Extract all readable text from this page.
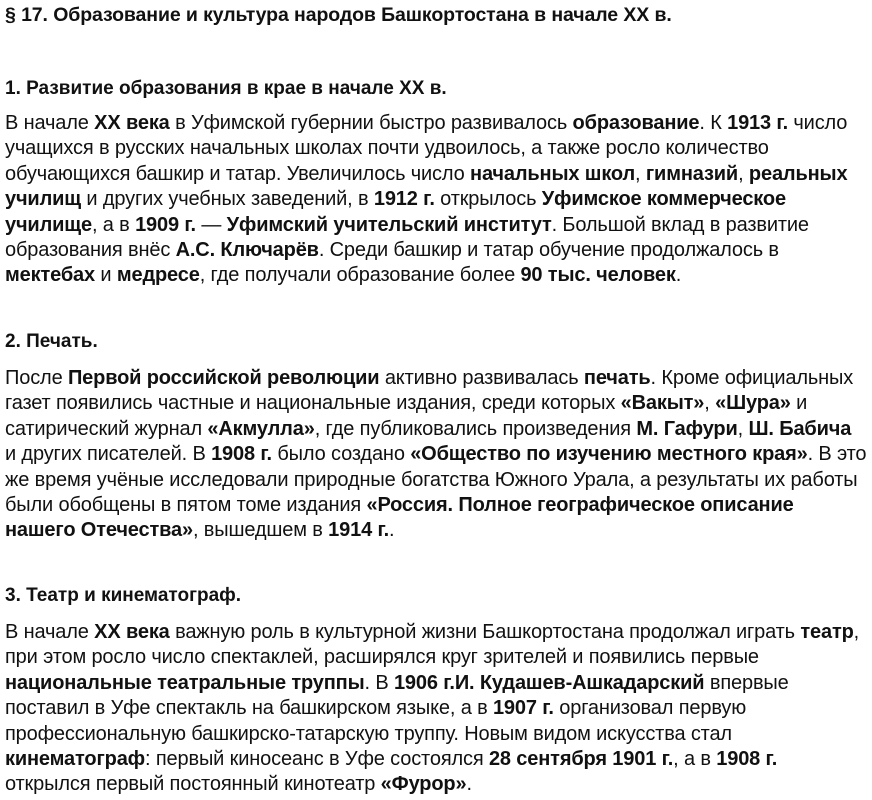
§ 17. Образование и культура народов Башкортостана в начале XX в.
1. Развитие образования в крае в начале XX в.

В начале XX века в Уфимской губернии быстро развивалось образование. К 1913 г. число учащихся в русских начальных школах почти удвоилось, а также росло количество обучающихся башкир и татар. Увеличилось число начальных школ, гимназий, реальных училищ и других учебных заведений, в 1912 г. открылось Уфимское коммерческое училище, а в 1909 г. — Уфимский учительский институт. Большой вклад в развитие образования внёс А.С. Ключарёв. Среди башкир и татар обучение продолжалось в мектебах и медресе, где получали образование более 90 тыс. человек.

2. Печать.

После Первой российской революции активно развивалась печать. Кроме официальных газет появились частные и национальные издания, среди которых «Вакыт», «Шура» и сатирический журнал «Акмулла», где публиковались произведения М. Гафури, Ш. Бабича и других писателей. В 1908 г. было создано «Общество по изучению местного края». В это же время учёные исследовали природные богатства Южного Урала, а результаты их работы были обобщены в пятом томе издания «Россия. Полное географическое описание нашего Отечества», вышедшем в 1914 г..

3. Театр и кинематограф.

В начале XX века важную роль в культурной жизни Башкортостана продолжал играть театр, при этом росло число спектаклей, расширялся круг зрителей и появились первые национальные театральные труппы. В 1906 г.И. Кудашев-Ашкадарский впервые поставил в Уфе спектакль на башкирском языке, а в 1907 г. организовал первую профессиональную башкирско-татарскую труппу. Новым видом искусства стал кинематограф: первый киносеанс в Уфе состоялся 28 сентября 1901 г., а в 1908 г. открылся первый постоянный кинотеатр «Фурор».
